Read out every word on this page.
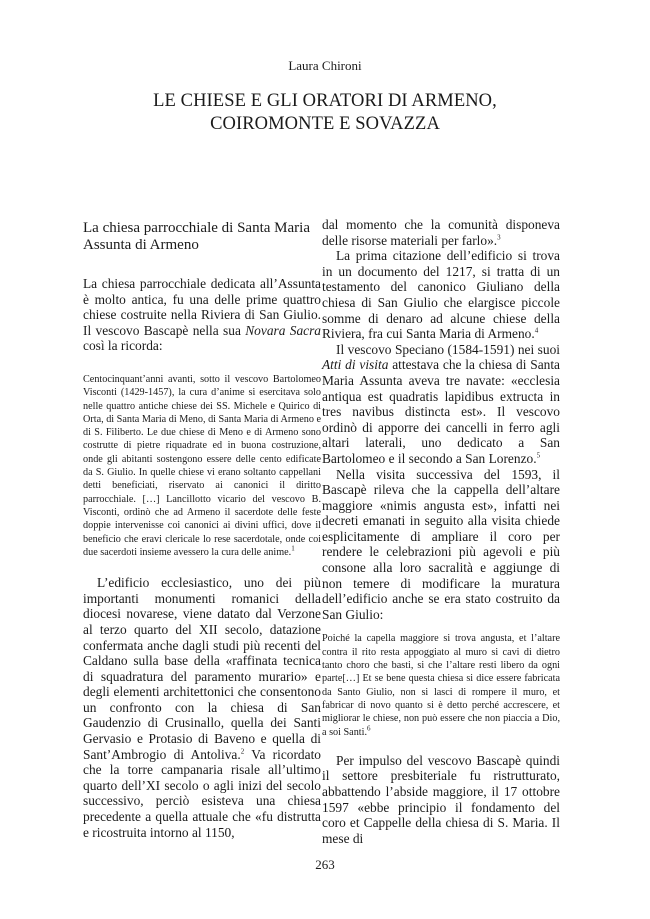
Laura Chironi
LE CHIESE E GLI ORATORI DI ARMENO,
COIROMONTE E SOVAZZA
La chiesa parrocchiale di Santa Maria
Assunta di Armeno

La chiesa parrocchiale dedicata all’Assunta è molto antica, fu una delle prime quattro chiese costruite nella Riviera di San Giulio. Il vescovo Bascapè nella sua Novara Sacra così la ricorda:

Centocinquant’anni avanti, sotto il vescovo Bartolomeo Visconti (1429-1457), la cura d’anime si esercitava solo nelle quattro antiche chiese dei SS. Michele e Quirico di Orta, di Santa Maria di Meno, di Santa Maria di Armeno e di S. Filiberto. Le due chiese di Meno e di Armeno sono costrutte di pietre riquadrate ed in buona costruzione, onde gli abitanti sostengono essere delle cento edificate da S. Giulio. In quelle chiese vi erano soltanto cappellani detti beneficiati, riservato ai canonici il diritto parrocchiale. […] Lancillotto vicario del vescovo B. Visconti, ordinò che ad Armeno il sacerdote delle feste doppie intervenisse coi canonici ai divini uffici, dove il beneficio che eravi clericale lo rese sacerdotale, onde coi due sacerdoti insieme avessero la cura delle anime.$^1$

L’edificio ecclesiastico, uno dei più importanti monumenti romanici della diocesi novarese, viene datato dal Verzone al terzo quarto del XII secolo, datazione confermata anche dagli studi più recenti del Caldano sulla base della «raffinata tecnica di squadratura del paramento murario» e degli elementi architettonici che consentono un confronto con la chiesa di San Gaudenzio di Crusinallo, quella dei Santi Gervasio e Protasio di Baveno e quella di Sant’Ambrogio di Antoliva.$^2$ Va ricordato che la torre campanaria risale all’ultimo quarto dell’XI secolo o agli inizi del secolo successivo, perciò esisteva una chiesa precedente a quella attuale che «fu distrutta e ricostruita intorno al 1150,

dal momento che la comunità disponeva delle risorse materiali per farlo».$^3$

La prima citazione dell’edificio si trova in un documento del 1217, si tratta di un testamento del canonico Giuliano della chiesa di San Giulio che elargisce piccole somme di denaro ad alcune chiese della Riviera, fra cui Santa Maria di Armeno.$^4$

Il vescovo Speciano (1584-1591) nei suoi Atti di visita attestava che la chiesa di Santa Maria Assunta aveva tre navate: «ecclesia antiqua est quadratis lapidibus extructa in tres navibus distincta est». Il vescovo ordinò di apporre dei cancelli in ferro agli altari laterali, uno dedicato a San Bartolomeo e il secondo a San Lorenzo.$^5$

Nella visita successiva del 1593, il Bascapè rileva che la cappella dell’altare maggiore «nimis angusta est», infatti nei decreti emanati in seguito alla visita chiede esplicitamente di ampliare il coro per rendere le celebrazioni più agevoli e più consone alla loro sacralità e aggiunge di non temere di modificare la muratura dell’edificio anche se era stato costruito da San Giulio:

Poiché la capella maggiore si trova angusta, et l’altare contra il rito resta appoggiato al muro si cavi di dietro tanto choro che basti, si che l’altare resti libero da ogni parte[…] Et se bene questa chiesa si dice essere fabricata da Santo Giulio, non si lasci di rompere il muro, et fabricar di novo quanto si è detto perché accrescere, et migliorar le chiese, non può essere che non piaccia a Dio, a soi Santi.$^6$

Per impulso del vescovo Bascapè quindi il settore presbiteriale fu ristrutturato, abbattendo l’abside maggiore, il 17 ottobre 1597 «ebbe principio il fondamento del coro et Cappelle della chiesa di S. Maria. Il mese di

263
